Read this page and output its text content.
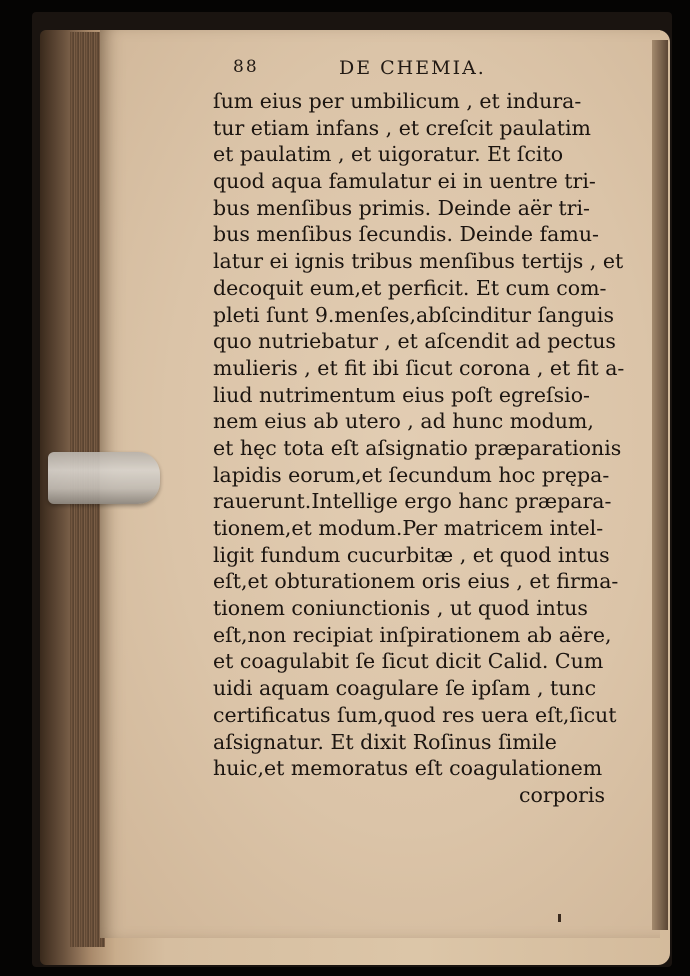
88	DE CHEMIA.
ſum eius per umbilicum , et indura-
tur etiam infans , et creſcit paulatim
et paulatim , et uigoratur. Et ſcito
quod aqua famulatur ei in uentre tri-
bus menſibus primis. Deinde aër tri-
bus menſibus ſecundis. Deinde famu-
latur ei ignis tribus menſibus tertijs , et
decoquit eum,et perficit. Et cum com-
pleti ſunt 9.menſes,abſcinditur ſanguis
quo nutriebatur , et aſcendit ad pectus
mulieris , et fit ibi ſicut corona , et fit a-
liud nutrimentum eius poſt egreſsio-
nem eius ab utero , ad hunc modum,
et hęc tota eſt aſsignatio præparationis
lapidis eorum,et ſecundum hoc prępa-
rauerunt.Intellige ergo hanc præpara-
tionem,et modum.Per matricem intel-
ligit fundum cucurbitæ , et quod intus
eſt,et obturationem oris eius , et firma-
tionem coniunctionis , ut quod intus
eſt,non recipiat inſpirationem ab aëre,
et coagulabit ſe ſicut dicit Calid. Cum
uidi aquam coagulare ſe ipſam , tunc
certificatus ſum,quod res uera eſt,ſicut
aſsignatur. Et dixit Roſinus ſimile
huic,et memoratus eſt coagulationem
corporis
